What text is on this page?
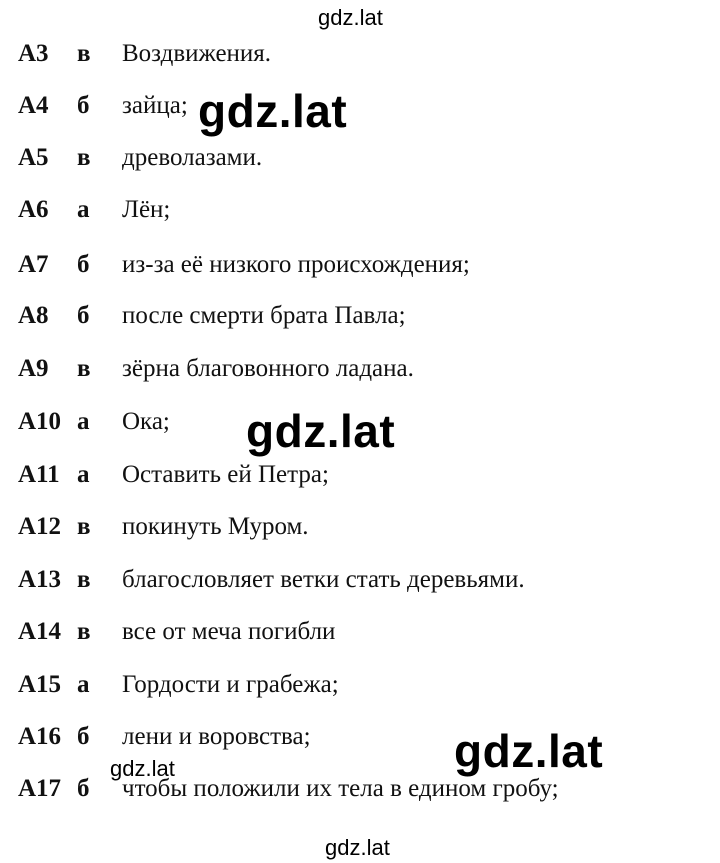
A3 в Воздвижения.
A4 б зайца;
A5 в древолазами.
A6 а Лён;
A7 б из-за её низкого происхождения;
A8 б после смерти брата Павла;
A9 в зёрна благовонного ладана.
A10 а Ока;
A11 а Оставить ей Петра;
A12 в покинуть Муром.
A13 в благословляет ветки стать деревьями.
A14 в все от меча погибли
A15 а Гордости и грабежа;
A16 б лени и воровства;
A17 б чтобы положили их тела в едином гробу;
gdz.lat
gdz.lat
gdz.lat
gdz.lat
gdz.lat
gdz.lat
